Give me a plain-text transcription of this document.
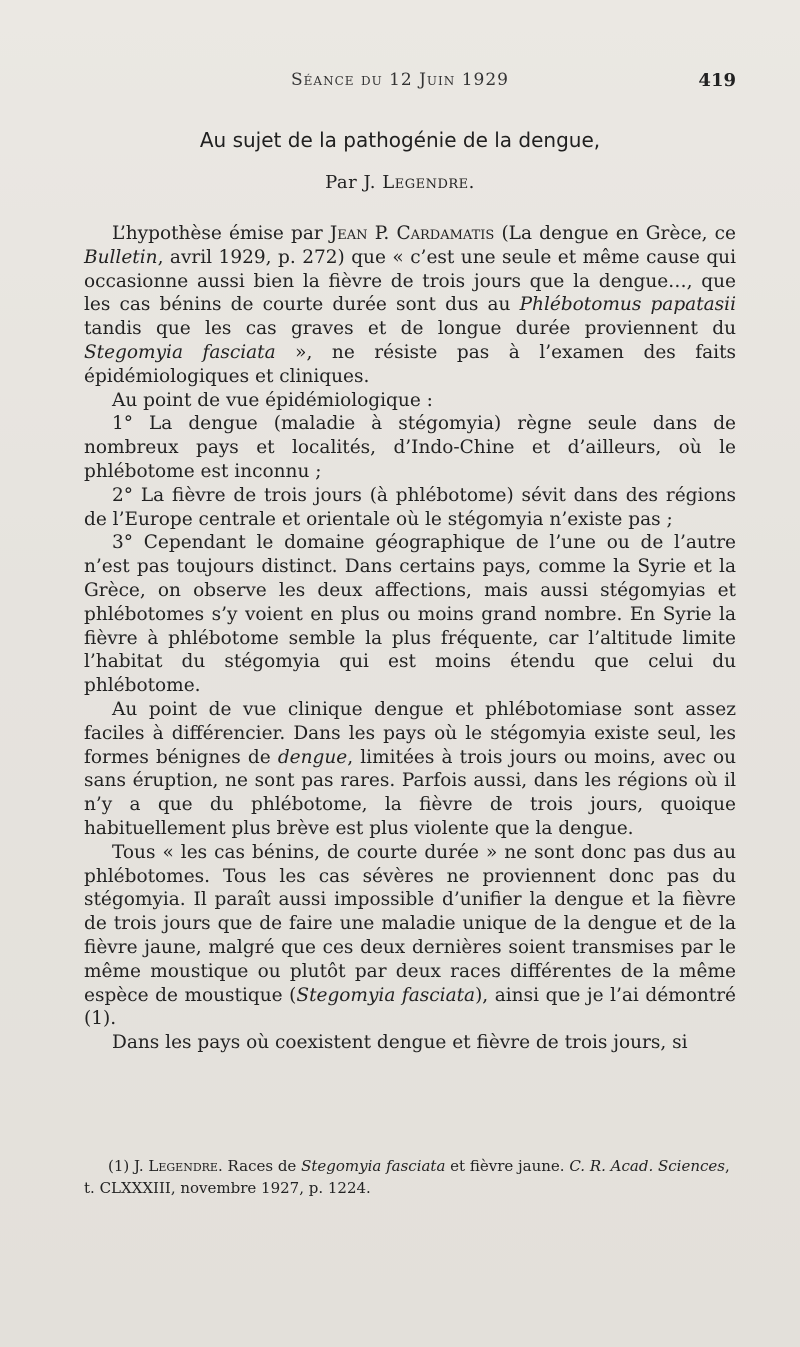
Séance du 12 Juin 1929	419
Au sujet de la pathogénie de la dengue,
Par J. Legendre.

L’hypothèse émise par Jean P. Cardamatis (La dengue en Grèce, ce Bulletin, avril 1929, p. 272) que « c’est une seule et même cause qui occasionne aussi bien la fièvre de trois jours que la dengue…, que les cas bénins de courte durée sont dus au Phlébotomus papatasii tandis que les cas graves et de longue durée proviennent du Stegomyia fasciata », ne résiste pas à l’examen des faits épidémiologiques et cliniques.

Au point de vue épidémiologique :

1° La dengue (maladie à stégomyia) règne seule dans de nombreux pays et localités, d’Indo-Chine et d’ailleurs, où le phlébotome est inconnu ;

2° La fièvre de trois jours (à phlébotome) sévit dans des régions de l’Europe centrale et orientale où le stégomyia n’existe pas ;

3° Cependant le domaine géographique de l’une ou de l’autre n’est pas toujours distinct. Dans certains pays, comme la Syrie et la Grèce, on observe les deux affections, mais aussi stégomyias et phlébotomes s’y voient en plus ou moins grand nombre. En Syrie la fièvre à phlébotome semble la plus fréquente, car l’altitude limite l’habitat du stégomyia qui est moins étendu que celui du phlébotome.

Au point de vue clinique dengue et phlébotomiase sont assez faciles à différencier. Dans les pays où le stégomyia existe seul, les formes bénignes de dengue, limitées à trois jours ou moins, avec ou sans éruption, ne sont pas rares. Parfois aussi, dans les régions où il n’y a que du phlébotome, la fièvre de trois jours, quoique habituellement plus brève est plus violente que la dengue.

Tous « les cas bénins, de courte durée » ne sont donc pas dus au phlébotomes. Tous les cas sévères ne proviennent donc pas du stégomyia. Il paraît aussi impossible d’unifier la dengue et la fièvre de trois jours que de faire une maladie unique de la dengue et de la fièvre jaune, malgré que ces deux dernières soient transmises par le même moustique ou plutôt par deux races différentes de la même espèce de moustique (Stegomyia fasciata), ainsi que je l’ai démontré (1).

Dans les pays où coexistent dengue et fièvre de trois jours, si

(1) J. Legendre. Races de Stegomyia fasciata et fièvre jaune. C. R. Acad. Sciences, t. CLXXXIII, novembre 1927, p. 1224.
